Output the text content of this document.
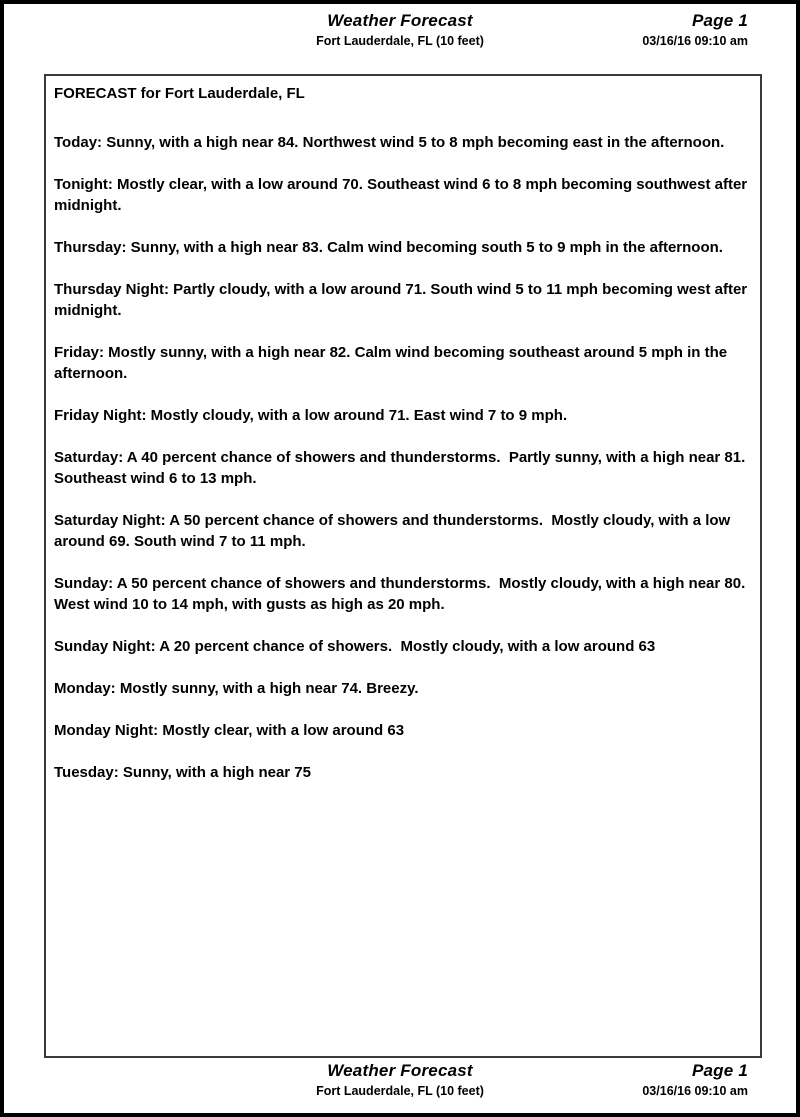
Weather Forecast
Fort Lauderdale, FL (10 feet)
Page 1
03/16/16 09:10 am

FORECAST for Fort Lauderdale, FL

Today: Sunny, with a high near 84. Northwest wind 5 to 8 mph becoming east in the afternoon.

Tonight: Mostly clear, with a low around 70. Southeast wind 6 to 8 mph becoming southwest after midnight.

Thursday: Sunny, with a high near 83. Calm wind becoming south 5 to 9 mph in the afternoon.

Thursday Night: Partly cloudy, with a low around 71. South wind 5 to 11 mph becoming west after midnight.

Friday: Mostly sunny, with a high near 82. Calm wind becoming southeast around 5 mph in the afternoon.

Friday Night: Mostly cloudy, with a low around 71. East wind 7 to 9 mph.

Saturday: A 40 percent chance of showers and thunderstorms.  Partly sunny, with a high near 81. Southeast wind 6 to 13 mph.

Saturday Night: A 50 percent chance of showers and thunderstorms.  Mostly cloudy, with a low around 69. South wind 7 to 11 mph.

Sunday: A 50 percent chance of showers and thunderstorms.  Mostly cloudy, with a high near 80. West wind 10 to 14 mph, with gusts as high as 20 mph.

Sunday Night: A 20 percent chance of showers.  Mostly cloudy, with a low around 63

Monday: Mostly sunny, with a high near 74. Breezy.

Monday Night: Mostly clear, with a low around 63

Tuesday: Sunny, with a high near 75

Weather Forecast
Fort Lauderdale, FL (10 feet)
Page 1
03/16/16 09:10 am
